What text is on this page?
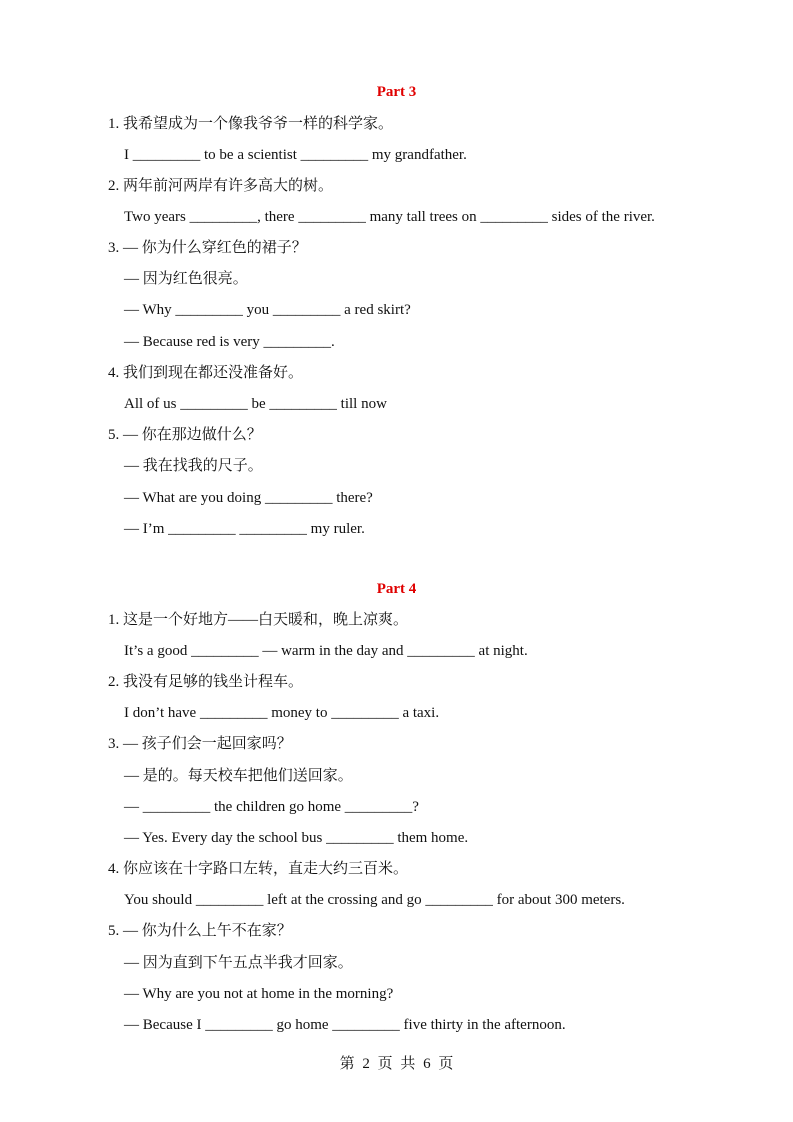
Part 3
1. 我希望成为一个像我爷爷一样的科学家。
I _________ to be a scientist _________ my grandfather.
2. 两年前河两岸有许多高大的树。
Two years _________, there _________ many tall trees on _________ sides of the river.
3. — 你为什么穿红色的裙子？
— 因为红色很亮。
— Why _________ you _________ a red skirt?
— Because red is very _________.
4. 我们到现在都还没准备好。
All of us _________ be _________ till now
5. — 你在那边做什么？
— 我在找我的尺子。
— What are you doing _________ there?
— I’m _________ _________ my ruler.
Part 4
1. 这是一个好地方——白天暖和，晚上凉爽。
It’s a good _________ — warm in the day and _________ at night.
2. 我没有足够的钱坐计程车。
I don’t have _________ money to _________ a taxi.
3. — 孩子们会一起回家吗？
— 是的。每天校车把他们送回家。
— _________ the children go home _________?
— Yes. Every day the school bus _________ them home.
4. 你应该在十字路口左转，直走大约三百米。
You should _________ left at the crossing and go _________ for about 300 meters.
5. — 你为什么上午不在家？
— 因为直到下午五点半我才回家。
— Why are you not at home in the morning?
— Because I _________ go home _________ five thirty in the afternoon.
第 2 页 共 6 页
